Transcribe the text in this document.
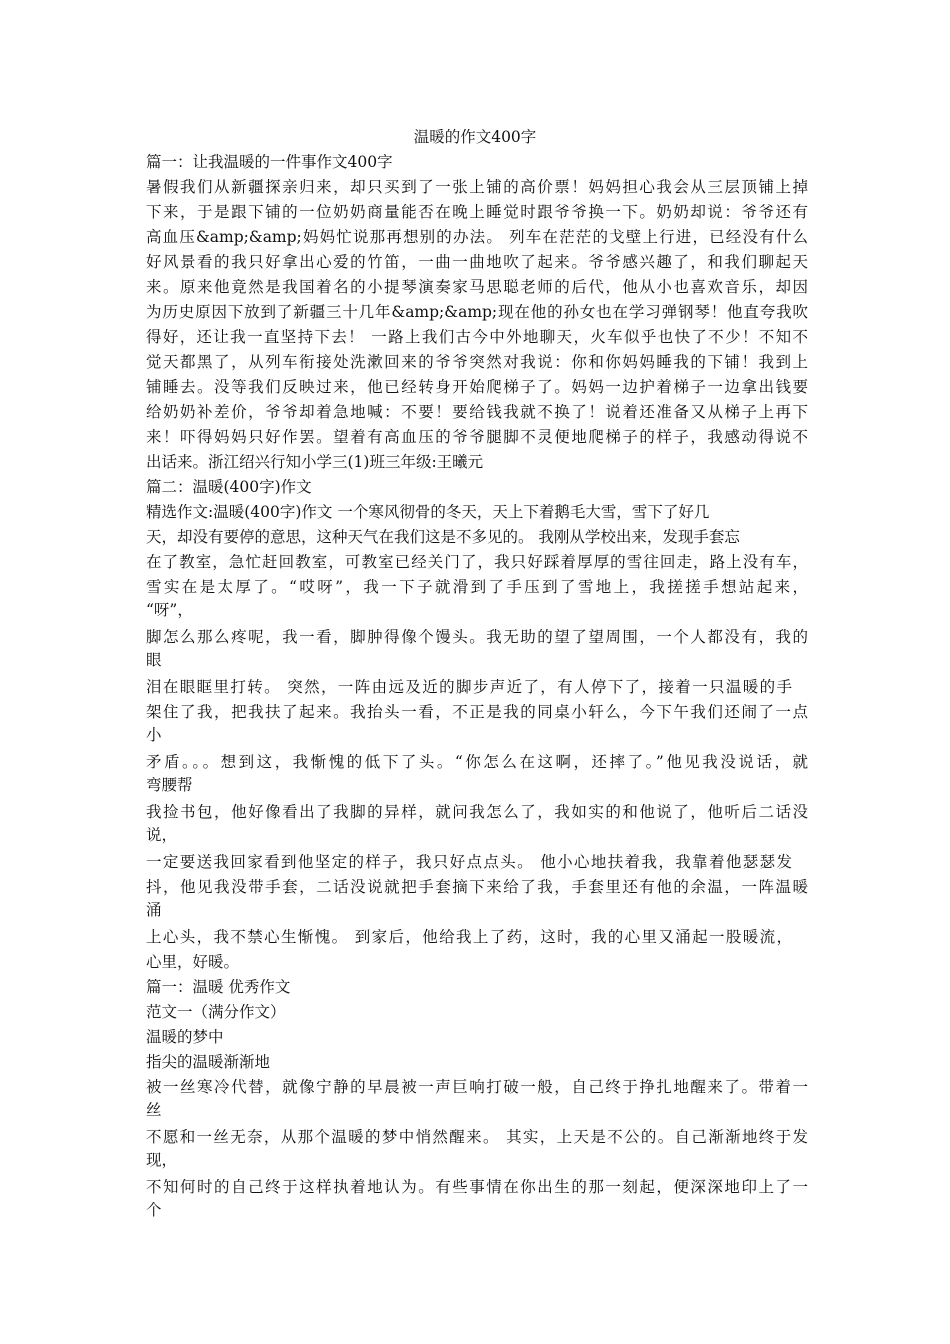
温暖的作文400字
篇一：让我温暖的一件事作文400字
暑假我们从新疆探亲归来，却只买到了一张上铺的高价票！妈妈担心我会从三层顶铺上掉
下来，于是跟下铺的一位奶奶商量能否在晚上睡觉时跟爷爷换一下。奶奶却说：爷爷还有
高血压&amp;&amp;妈妈忙说那再想别的办法。 列车在茫茫的戈壁上行进，已经没有什么
好风景看的我只好拿出心爱的竹笛，一曲一曲地吹了起来。爷爷感兴趣了，和我们聊起天
来。原来他竟然是我国着名的小提琴演奏家马思聪老师的后代，他从小也喜欢音乐，却因
为历史原因下放到了新疆三十几年&amp;&amp;现在他的孙女也在学习弹钢琴！他直夸我吹
得好，还让我一直坚持下去！ 一路上我们古今中外地聊天，火车似乎也快了不少！不知不
觉天都黑了，从列车衔接处洗漱回来的爷爷突然对我说：你和你妈妈睡我的下铺！我到上
铺睡去。没等我们反映过来，他已经转身开始爬梯子了。妈妈一边护着梯子一边拿出钱要
给奶奶补差价，爷爷却着急地喊：不要！要给钱我就不换了！说着还准备又从梯子上再下
来！吓得妈妈只好作罢。望着有高血压的爷爷腿脚不灵便地爬梯子的样子，我感动得说不
出话来。浙江绍兴行知小学三(1)班三年级:王曦元
篇二：温暖(400字)作文
精选作文:温暖(400字)作文 一个寒风彻骨的冬天，天上下着鹅毛大雪，雪下了好几
天，却没有要停的意思，这种天气在我们这是不多见的。 我刚从学校出来，发现手套忘
在了教室，急忙赶回教室，可教室已经关门了，我只好踩着厚厚的雪往回走，路上没有车，
雪实在是太厚了。“哎呀”，我一下子就滑到了手压到了雪地上，我搓搓手想站起来，
“呀”，
脚怎么那么疼呢，我一看，脚肿得像个馒头。我无助的望了望周围，一个人都没有，我的
眼
泪在眼眶里打转。 突然，一阵由远及近的脚步声近了，有人停下了，接着一只温暖的手
架住了我，把我扶了起来。我抬头一看，不正是我的同桌小轩么，今下午我们还闹了一点
小
矛盾。。。想到这，我惭愧的低下了头。“你怎么在这啊，还摔了。”他见我没说话，就
弯腰帮
我捡书包，他好像看出了我脚的异样，就问我怎么了，我如实的和他说了，他听后二话没
说，
一定要送我回家看到他坚定的样子，我只好点点头。 他小心地扶着我，我靠着他瑟瑟发
抖，他见我没带手套，二话没说就把手套摘下来给了我，手套里还有他的余温，一阵温暖
涌
上心头，我不禁心生惭愧。 到家后，他给我上了药，这时，我的心里又涌起一股暖流，
心里，好暖。
篇一：温暖 优秀作文
范文一（满分作文）
温暖的梦中
指尖的温暖渐渐地
被一丝寒冷代替，就像宁静的早晨被一声巨响打破一般，自己终于挣扎地醒来了。带着一
丝
不愿和一丝无奈，从那个温暖的梦中悄然醒来。 其实，上天是不公的。自己渐渐地终于发
现，
不知何时的自己终于这样执着地认为。有些事情在你出生的那一刻起，便深深地印上了一
个
